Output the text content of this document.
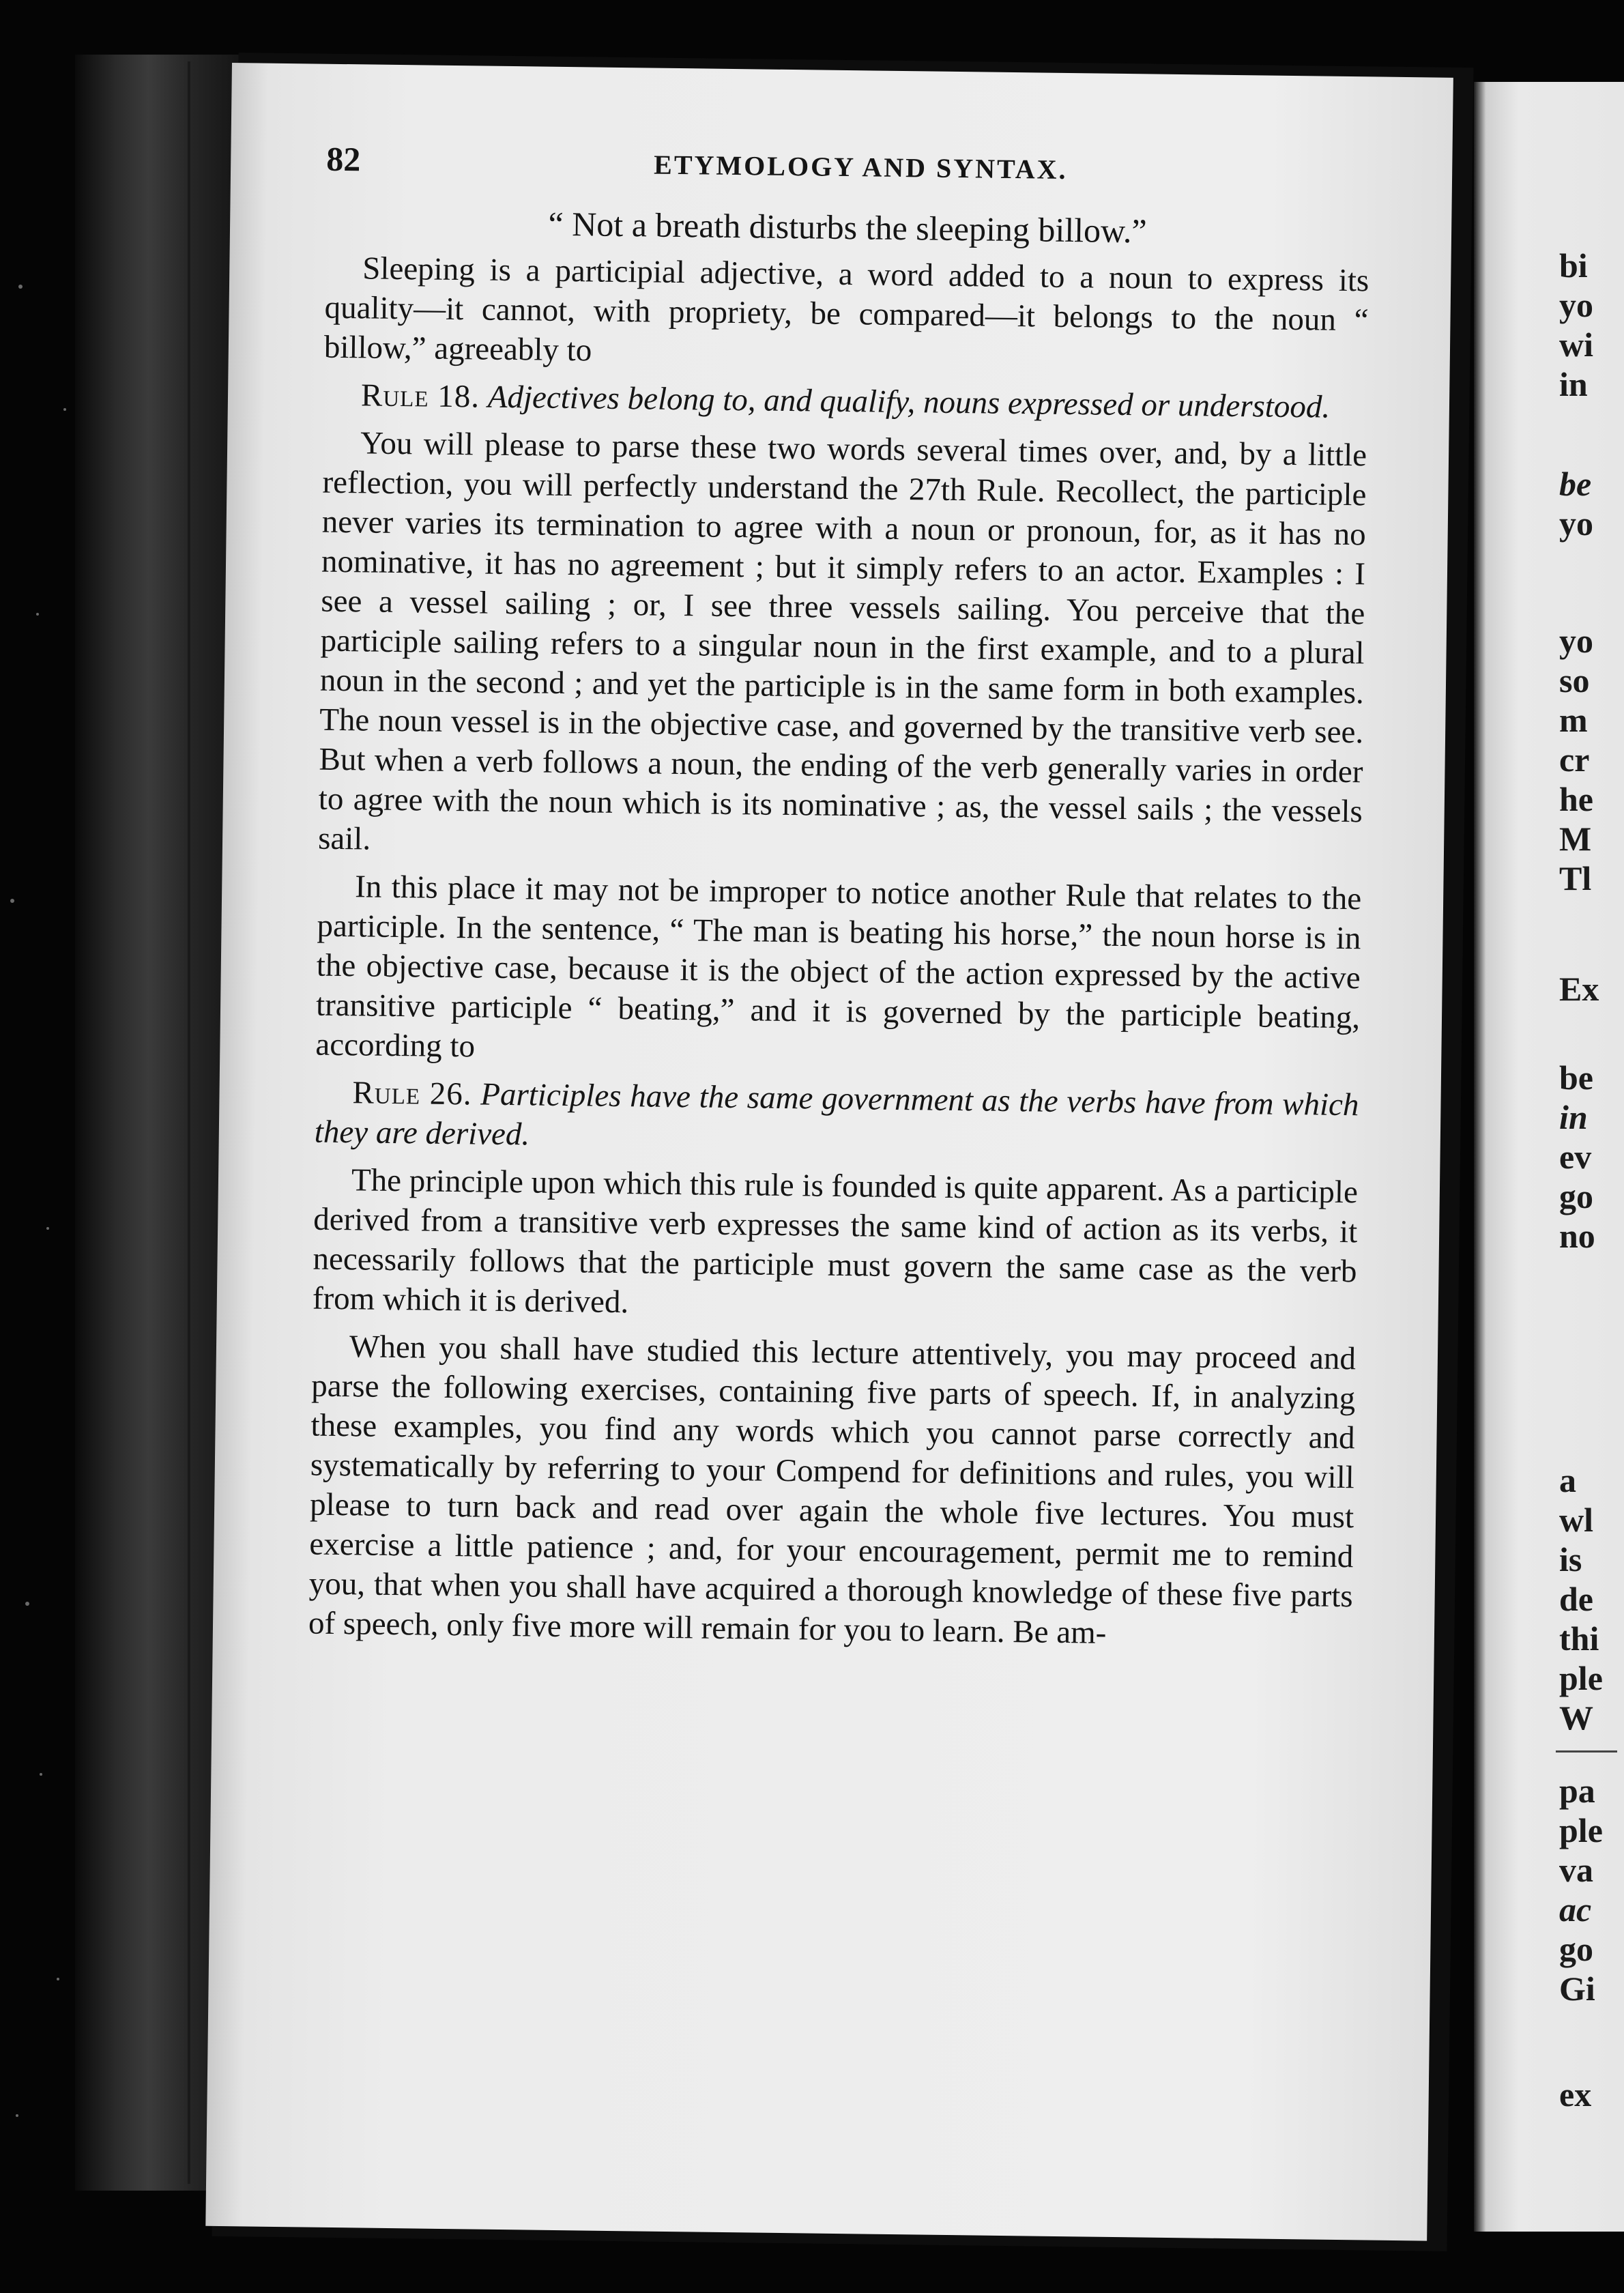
bi
yo
wi
in
be
yo
yo
so
m
cr
he
M
Tl
Ex
be
in
ev
go
no
a
wl
is
de
thi
ple
W
pa
ple
va
ac
go
Gi
ex
82	ETYMOLOGY AND SYNTAX.

“ Not a breath disturbs the sleeping billow.”

Sleeping is a participial adjective, a word added to a noun to express its quality—it cannot, with propriety, be compared—it belongs to the noun “ billow,” agreeably to

Rule 18. Adjectives belong to, and qualify, nouns expressed or understood.

You will please to parse these two words several times over, and, by a little reflection, you will perfectly understand the 27th Rule. Recollect, the participle never varies its termination to agree with a noun or pronoun, for, as it has no nominative, it has no agreement ; but it simply refers to an actor. Examples : I see a vessel sailing ; or, I see three vessels sailing. You perceive that the participle sailing refers to a singular noun in the first example, and to a plural noun in the second ; and yet the participle is in the same form in both examples. The noun vessel is in the objective case, and governed by the transitive verb see. But when a verb follows a noun, the ending of the verb generally varies in order to agree with the noun which is its nominative ; as, the vessel sails ; the vessels sail.

In this place it may not be improper to notice another Rule that relates to the participle. In the sentence, “ The man is beating his horse,” the noun horse is in the objective case, because it is the object of the action expressed by the active transitive participle “ beating,” and it is governed by the participle beating, according to

Rule 26. Participles have the same government as the verbs have from which they are derived.

The principle upon which this rule is founded is quite apparent. As a participle derived from a transitive verb expresses the same kind of action as its verbs, it necessarily follows that the participle must govern the same case as the verb from which it is derived.

When you shall have studied this lecture attentively, you may proceed and parse the following exercises, containing five parts of speech. If, in analyzing these examples, you find any words which you cannot parse correctly and systematically by referring to your Compend for definitions and rules, you will please to turn back and read over again the whole five lectures. You must exercise a little patience ; and, for your encouragement, permit me to remind you, that when you shall have acquired a thorough knowledge of these five parts of speech, only five more will remain for you to learn. Be am-
